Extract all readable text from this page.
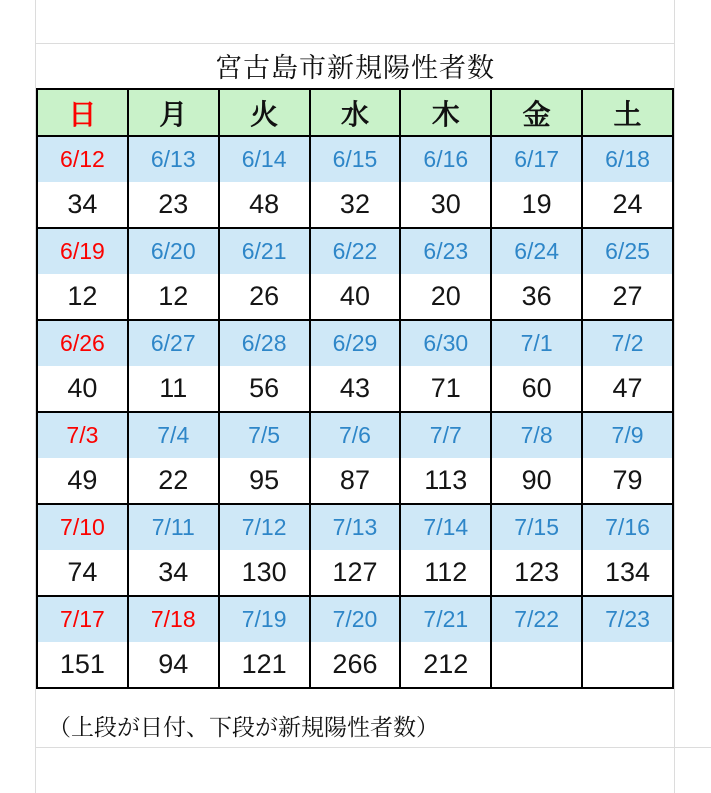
宮古島市新規陽性者数
日	月	火	水	木	金	土
6/12	6/13	6/14	6/15	6/16	6/17	6/18
34	23	48	32	30	19	24
6/19	6/20	6/21	6/22	6/23	6/24	6/25
12	12	26	40	20	36	27
6/26	6/27	6/28	6/29	6/30	7/1	7/2
40	11	56	43	71	60	47
7/3	7/4	7/5	7/6	7/7	7/8	7/9
49	22	95	87	113	90	79
7/10	7/11	7/12	7/13	7/14	7/15	7/16
74	34	130	127	112	123	134
7/17	7/18	7/19	7/20	7/21	7/22	7/23
151	94	121	266	212		
（上段が日付、下段が新規陽性者数）
